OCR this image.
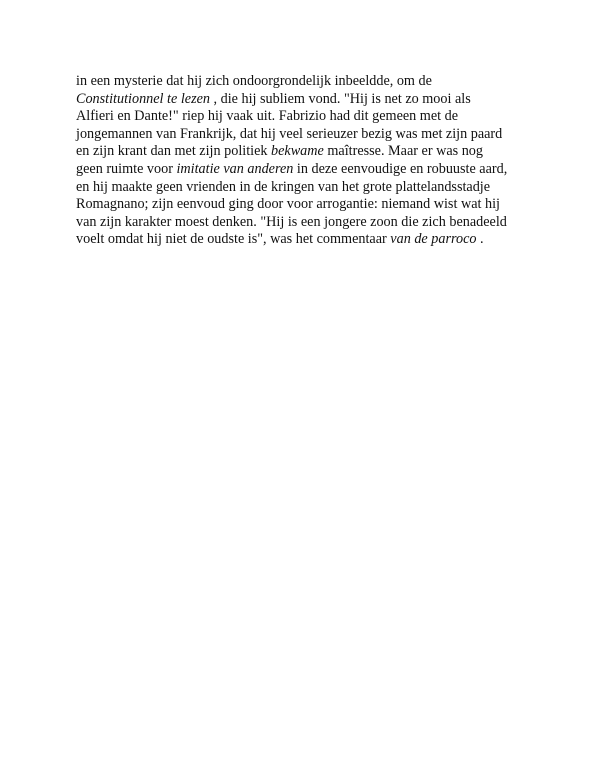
in een mysterie dat hij zich ondoorgrondelijk inbeeldde, om de
Constitutionnel te lezen , die hij subliem vond. "Hij is net zo mooi als
Alfieri en Dante!" riep hij vaak uit. Fabrizio had dit gemeen met de
jongemannen van Frankrijk, dat hij veel serieuzer bezig was met zijn paard
en zijn krant dan met zijn politiek bekwame maîtresse. Maar er was nog
geen ruimte voor imitatie van anderen in deze eenvoudige en robuuste aard,
en hij maakte geen vrienden in de kringen van het grote plattelandsstadje
Romagnano; zijn eenvoud ging door voor arrogantie: niemand wist wat hij
van zijn karakter moest denken. "Hij is een jongere zoon die zich benadeeld
voelt omdat hij niet de oudste is", was het commentaar van de parroco .
